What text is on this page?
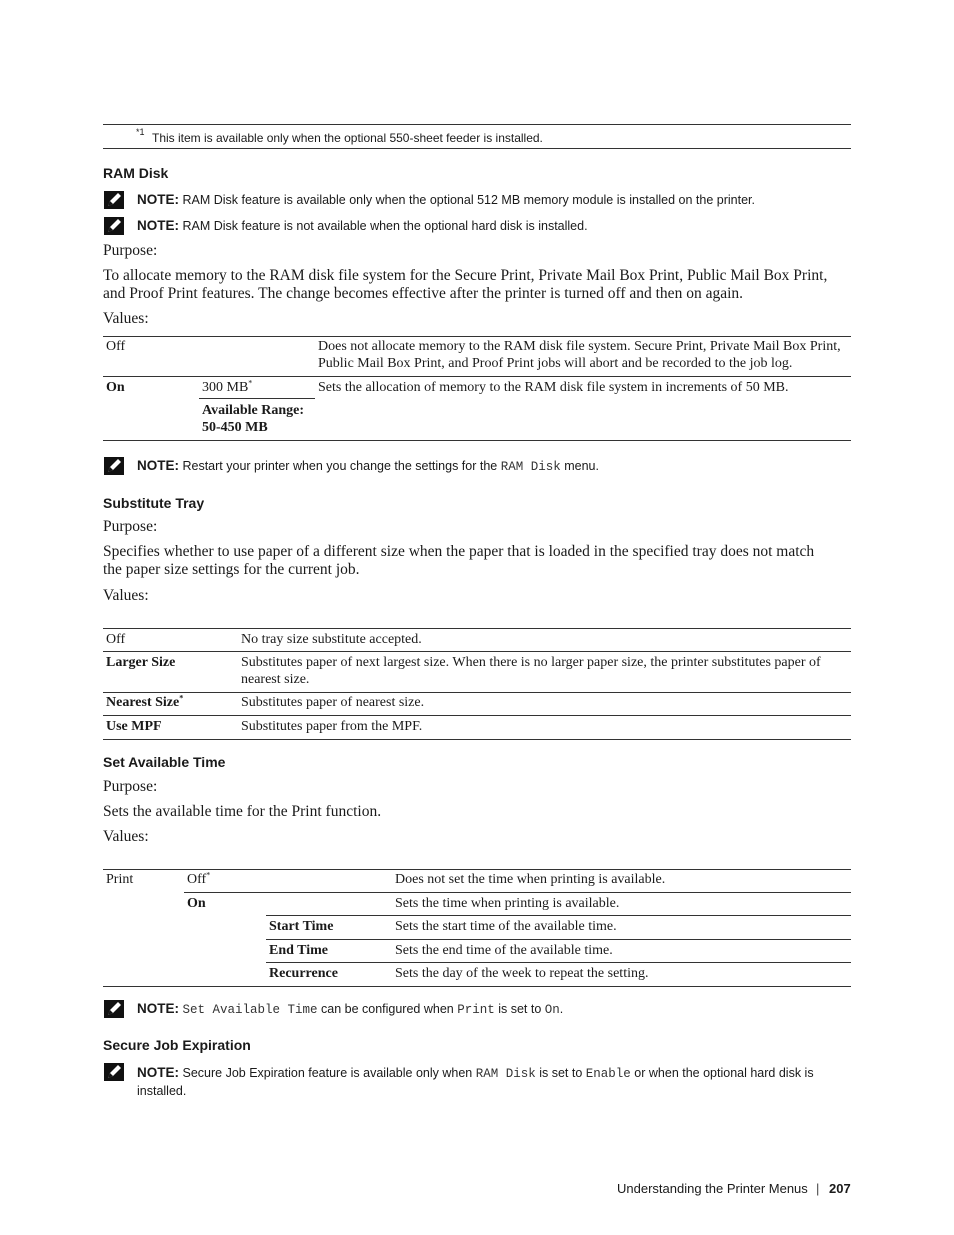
*1 This item is available only when the optional 550-sheet feeder is installed.
RAM Disk
NOTE: RAM Disk feature is available only when the optional 512 MB memory module is installed on the printer.
NOTE: RAM Disk feature is not available when the optional hard disk is installed.
Purpose:
To allocate memory to the RAM disk file system for the Secure Print, Private Mail Box Print, Public Mail Box Print,
and Proof Print features. The change becomes effective after the printer is turned off and then on again.
Values:
Off	Does not allocate memory to the RAM disk file system. Secure Print, Private Mail Box Print,
Public Mail Box Print, and Proof Print jobs will abort and be recorded to the job log.
On	300 MB*	Sets the allocation of memory to the RAM disk file system in increments of 50 MB.
Available Range:
50-450 MB
NOTE: Restart your printer when you change the settings for the RAM Disk menu.
Substitute Tray
Purpose:
Specifies whether to use paper of a different size when the paper that is loaded in the specified tray does not match
the paper size settings for the current job.
Values:
Off	No tray size substitute accepted.
Larger Size	Substitutes paper of next largest size. When there is no larger paper size, the printer substitutes paper of
nearest size.
Nearest Size*	Substitutes paper of nearest size.
Use MPF	Substitutes paper from the MPF.
Set Available Time
Purpose:
Sets the available time for the Print function.
Values:
Print	Off*	Does not set the time when printing is available.
On	Sets the time when printing is available.
Start Time	Sets the start time of the available time.
End Time	Sets the end time of the available time.
Recurrence	Sets the day of the week to repeat the setting.
NOTE: Set Available Time can be configured when Print is set to On.
Secure Job Expiration
NOTE: Secure Job Expiration feature is available only when RAM Disk is set to Enable or when the optional hard disk is
installed.
Understanding the Printer Menus | 207
